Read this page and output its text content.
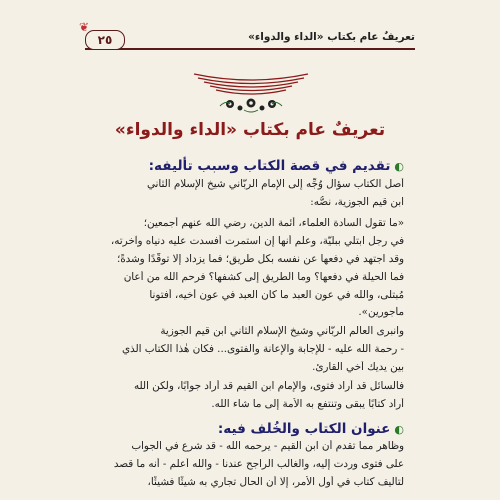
تعريفٌ عام بكتاب «الداء والدواء»
٢٥
❦
تعريفٌ عام بكتاب «الداء والدواء»
◐تقديم في قصة الكتاب وسبب تأليفه:
أصل الكتاب سؤال وُجِّه إلى الإمام الربّاني شيخ الإسلام الثاني
ابن قيم الجوزية، نصُّه:
«ما تقول السادة العلماء، أئمة الدين، رضي الله عنهم أجمعين؛
في رجل ابتلي ببليّة، وعلم أنها إن استمرت أفسدت عليه دنياه وآخرته،
وقد اجتهد في دفعها عن نفسه بكل طريق؛ فما يزداد إلا توقّدًا وشدةً؛
فما الحيلة في دفعها؟ وما الطريق إلى كشفها؟ فرحم الله من أعان
مُبتلى، والله في عون العبد ما كان العبد في عون أخيه، أفتونا
مأجورين».
وانبرى العالم الربّاني وشيخ الإسلام الثاني ابن قيم الجوزية
- رحمة الله عليه - للإجابة والإعانة والفتوى... فكان هٰذا الكتاب الذي
بين يديك أخي القارئ.
فالسائل قد أراد فتوى، والإمام ابن القيم قد أراد جوابًا، ولٰكن الله
أراد كتابًا يبقى وتنتفع به الأمة إلى ما شاء الله.
◐عنوان الكتاب والخُلف فيه:
وظاهر مما تقدم أن ابن القيم - يرحمه الله - قد شرع في الجواب
على فتوى وردت إليه، والغالب الراجح عندنا - والله أعلم - أنه ما قصد
لتأليف كتاب في أول الأمر، إلا أن الحال تجاري به شيئًا فشيئًا،
